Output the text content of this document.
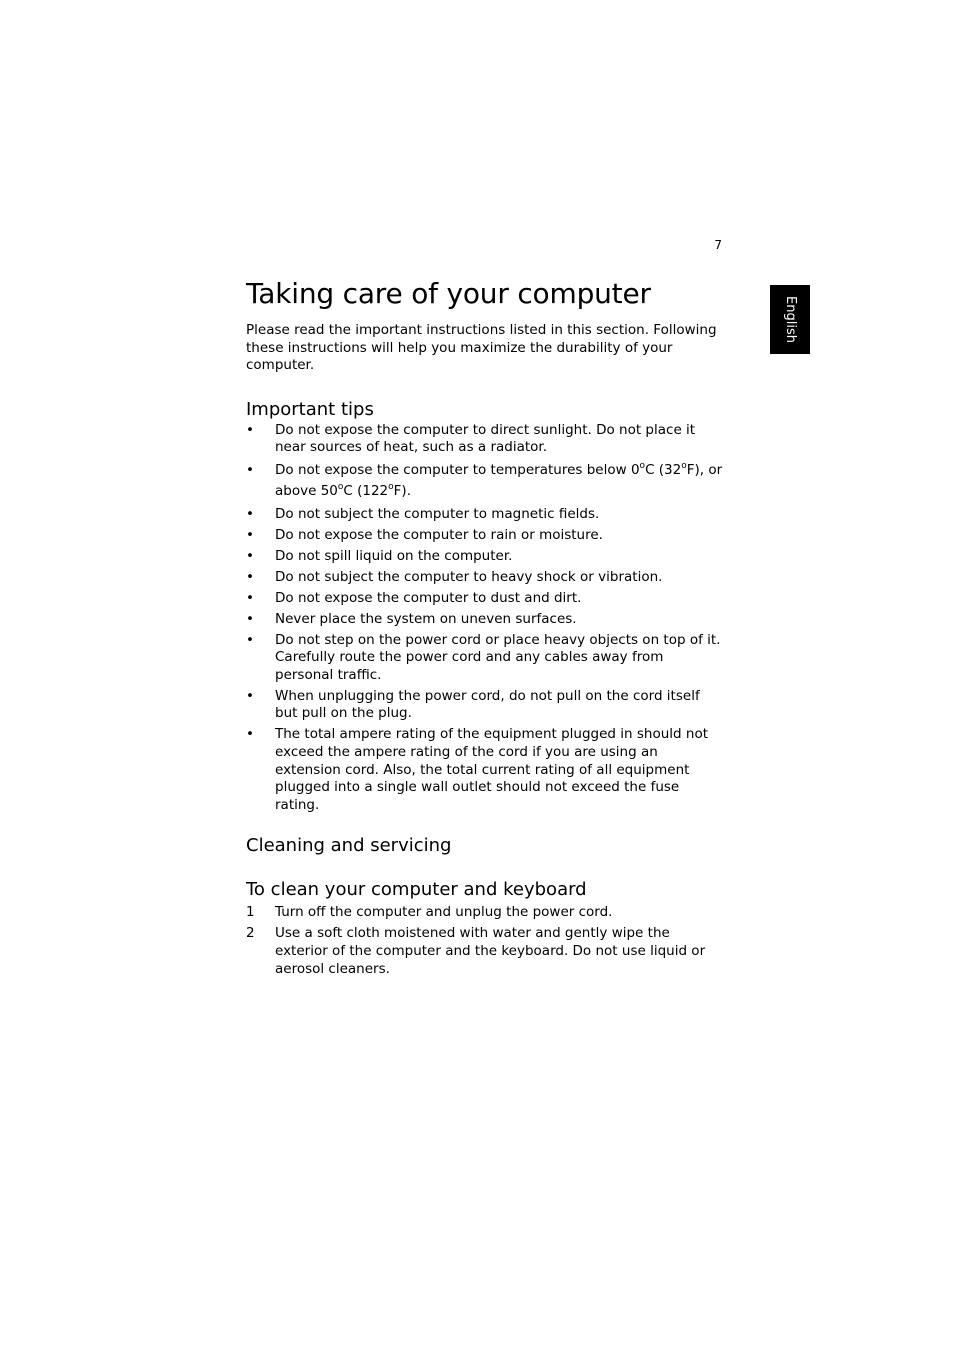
7
English
Taking care of your computer

Please read the important instructions listed in this section. Following these instructions will help you maximize the durability of your computer.

Important tips
• Do not expose the computer to direct sunlight. Do not place it near sources of heat, such as a radiator.
• Do not expose the computer to temperatures below 0$^o$C (32$^o$F), or above 50$^o$C (122$^o$F).
• Do not subject the computer to magnetic fields.
• Do not expose the computer to rain or moisture.
• Do not spill liquid on the computer.
• Do not subject the computer to heavy shock or vibration.
• Do not expose the computer to dust and dirt.
• Never place the system on uneven surfaces.
• Do not step on the power cord or place heavy objects on top of it. Carefully route the power cord and any cables away from personal traffic.
• When unplugging the power cord, do not pull on the cord itself but pull on the plug.
• The total ampere rating of the equipment plugged in should not exceed the ampere rating of the cord if you are using an extension cord. Also, the total current rating of all equipment plugged into a single wall outlet should not exceed the fuse rating.
Cleaning and servicing
To clean your computer and keyboard
1 Turn off the computer and unplug the power cord.
2 Use a soft cloth moistened with water and gently wipe the exterior of the computer and the keyboard. Do not use liquid or aerosol cleaners.
